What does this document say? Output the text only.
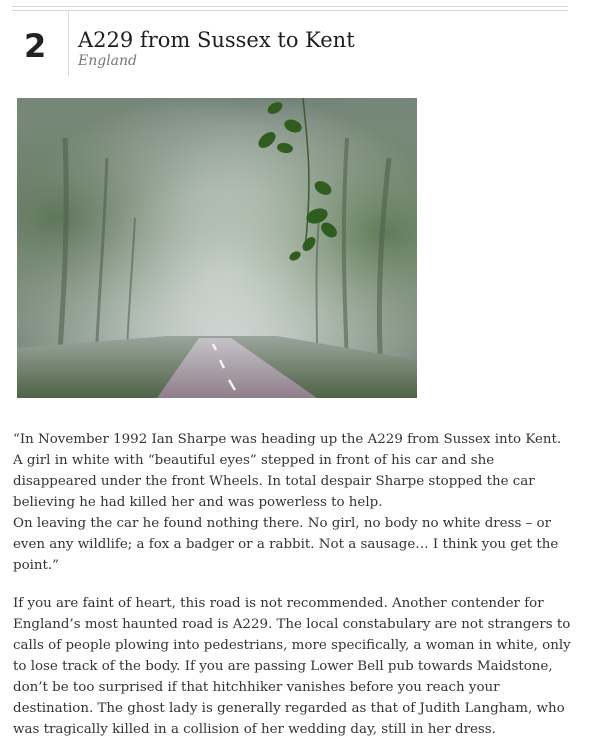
2 A229 from Sussex to Kent
England

“In November 1992 Ian Sharpe was heading up the A229 from Sussex into Kent. A girl in white with “beautiful eyes” stepped in front of his car and she disappeared under the front Wheels. In total despair Sharpe stopped the car believing he had killed her and was powerless to help.

On leaving the car he found nothing there. No girl, no body no white dress – or even any wildlife; a fox a badger or a rabbit. Not a sausage… I think you get the point.”

If you are faint of heart, this road is not recommended. Another contender for England’s most haunted road is A229. The local constabulary are not strangers to calls of people plowing into pedestrians, more specifically, a woman in white, only to lose track of the body. If you are passing Lower Bell pub towards Maidstone, don’t be too surprised if that hitchhiker vanishes before you reach your destination. The ghost lady is generally regarded as that of Judith Langham, who was tragically killed in a collision of her wedding day, still in her dress.
